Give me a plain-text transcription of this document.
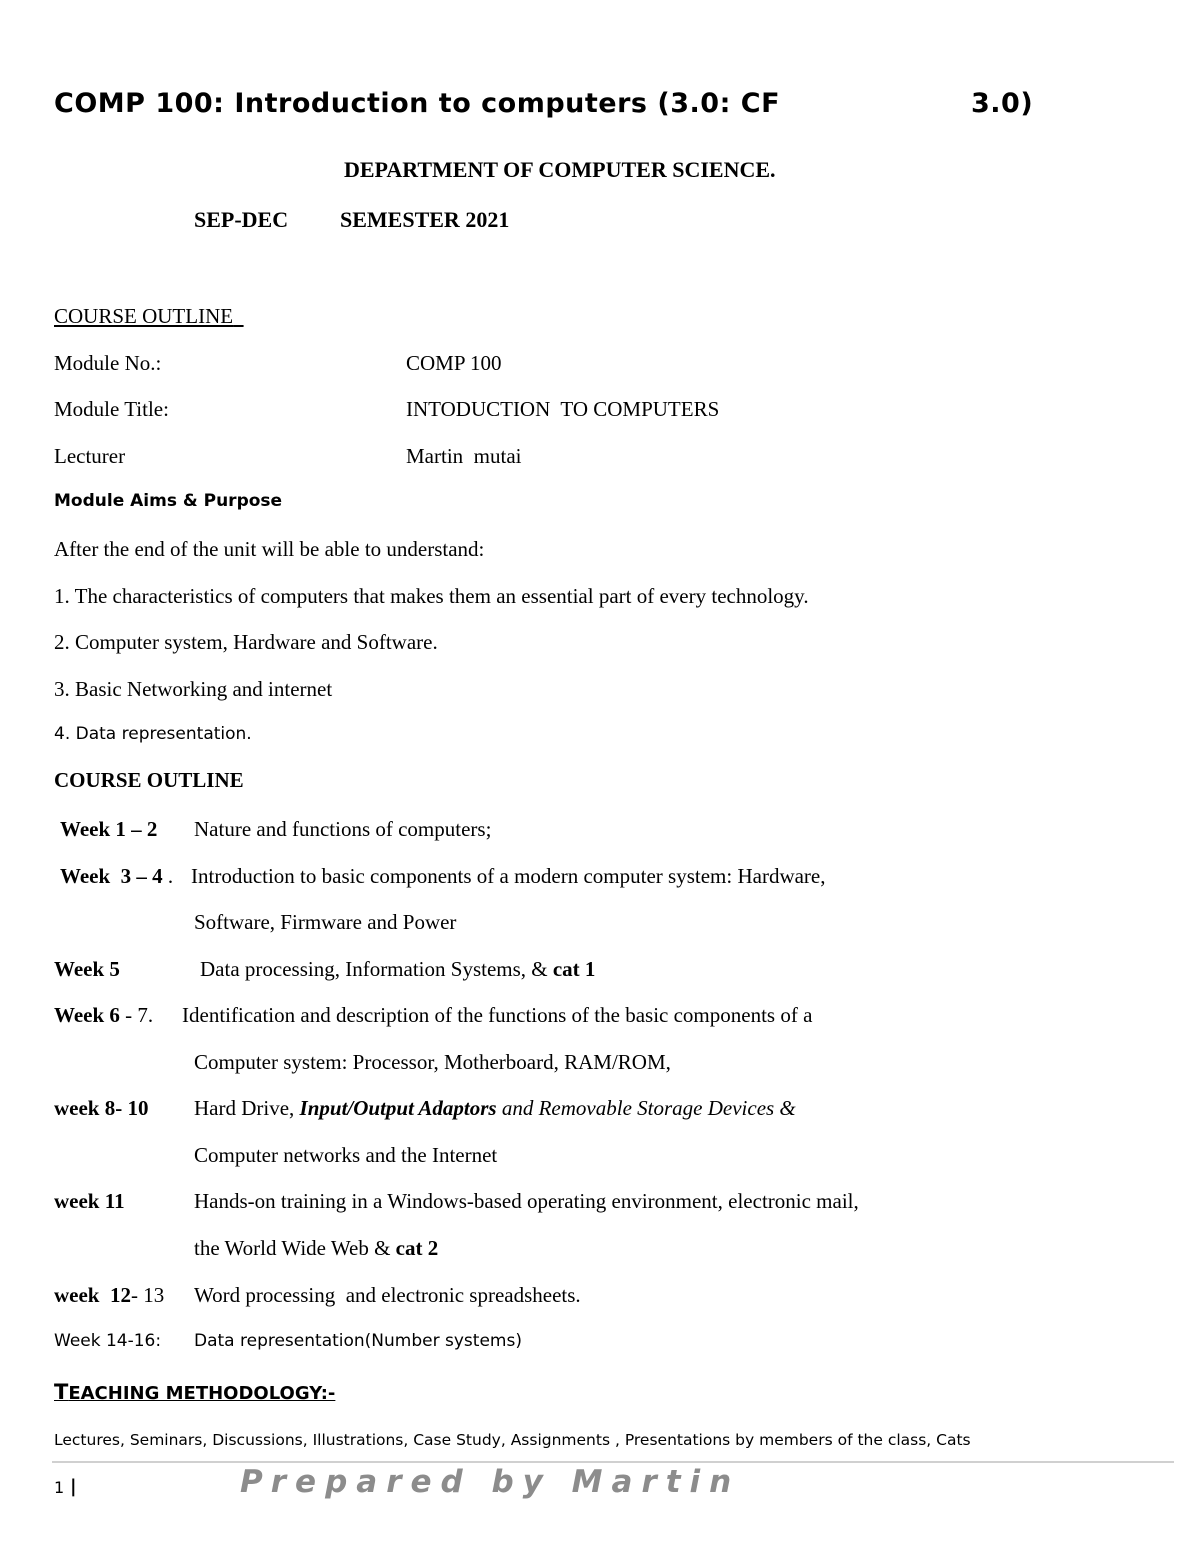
COMP 100: Introduction to computers (3.0: CF	3.0)
DEPARTMENT OF COMPUTER SCIENCE.
SEP-DEC SEMESTER 2021
COURSE OUTLINE
Module No.:	COMP 100
Module Title:	INTODUCTION  TO COMPUTERS
Lecturer	Martin  mutai
Module Aims & Purpose
After the end of the unit will be able to understand:
1. The characteristics of computers that makes them an essential part of every technology.
2. Computer system, Hardware and Software.
3. Basic Networking and internet
4. Data representation.
COURSE OUTLINE
Week 1 – 2 Nature and functions of computers;
Week  3 – 4 . Introduction to basic components of a modern computer system: Hardware,
Software, Firmware and Power
Week 5	Data processing, Information Systems, & cat 1
Week 6 - 7. Identification and description of the functions of the basic components of a
Computer system: Processor, Motherboard, RAM/ROM,
week 8- 10 Hard Drive, Input/Output Adaptors and Removable Storage Devices &
Computer networks and the Internet
week 11	Hands-on training in a Windows-based operating environment, electronic mail,
the World Wide Web & cat 2
week  12- 13 Word processing  and electronic spreadsheets.
Week 14-16: Data representation(Number systems)
TEACHING METHODOLOGY:-
Lectures, Seminars, Discussions, Illustrations, Case Study, Assignments , Presentations by members of the class, Cats
1 |	Prepared by Martin
